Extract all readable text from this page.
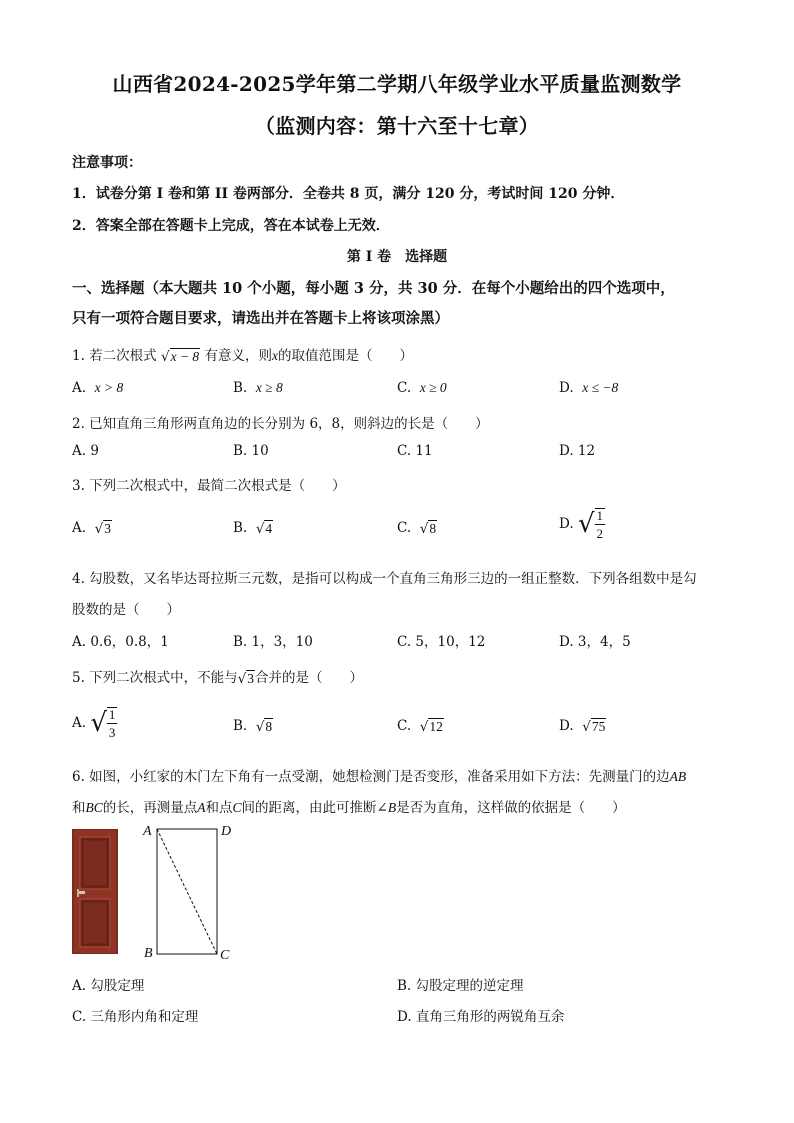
山西省2024-2025学年第二学期八年级学业水平质量监测数学
（监测内容：第十六至十七章）
注意事项：
1．试卷分第 I 卷和第 II 卷两部分．全卷共 8 页，满分 120 分，考试时间 120 分钟．
2．答案全部在答题卡上完成，答在本试卷上无效．
第 I 卷　选择题
一、选择题（本大题共 10 个小题，每小题 3 分，共 30 分．在每个小题给出的四个选项中，
只有一项符合题目要求，请选出并在答题卡上将该项涂黑）
1. 若二次根式 √x − 8 有意义，则x的取值范围是（　　）
A. x > 8	B. x ≥ 8	C. x ≥ 0	D. x ≤ −8
2. 已知直角三角形两直角边的长分别为 6，8，则斜边的长是（　　）
A. 9	B. 10	C. 11	D. 12
3. 下列二次根式中，最简二次根式是（　　）
A. √3	B. √4	C. √8	D. √ $\frac{1}{2}$
4. 勾股数，又名毕达哥拉斯三元数，是指可以构成一个直角三角形三边的一组正整数．下列各组数中是勾
股数的是（　　）
A. 0.6，0.8，1	B. 1，3，10	C. 5，10，12	D. 3，4，5
5. 下列二次根式中，不能与√3合并的是（　　）
A. √ $\frac{1}{3}$	B. √8	C. √12	D. √75
6. 如图，小红家的木门左下角有一点受潮，她想检测门是否变形，准备采用如下方法：先测量门的边AB
和BC的长，再测量点A和点C间的距离，由此可推断∠B是否为直角，这样做的依据是（　　）
A	D
B	C
A. 勾股定理	B. 勾股定理的逆定理
C. 三角形内角和定理	D. 直角三角形的两锐角互余
